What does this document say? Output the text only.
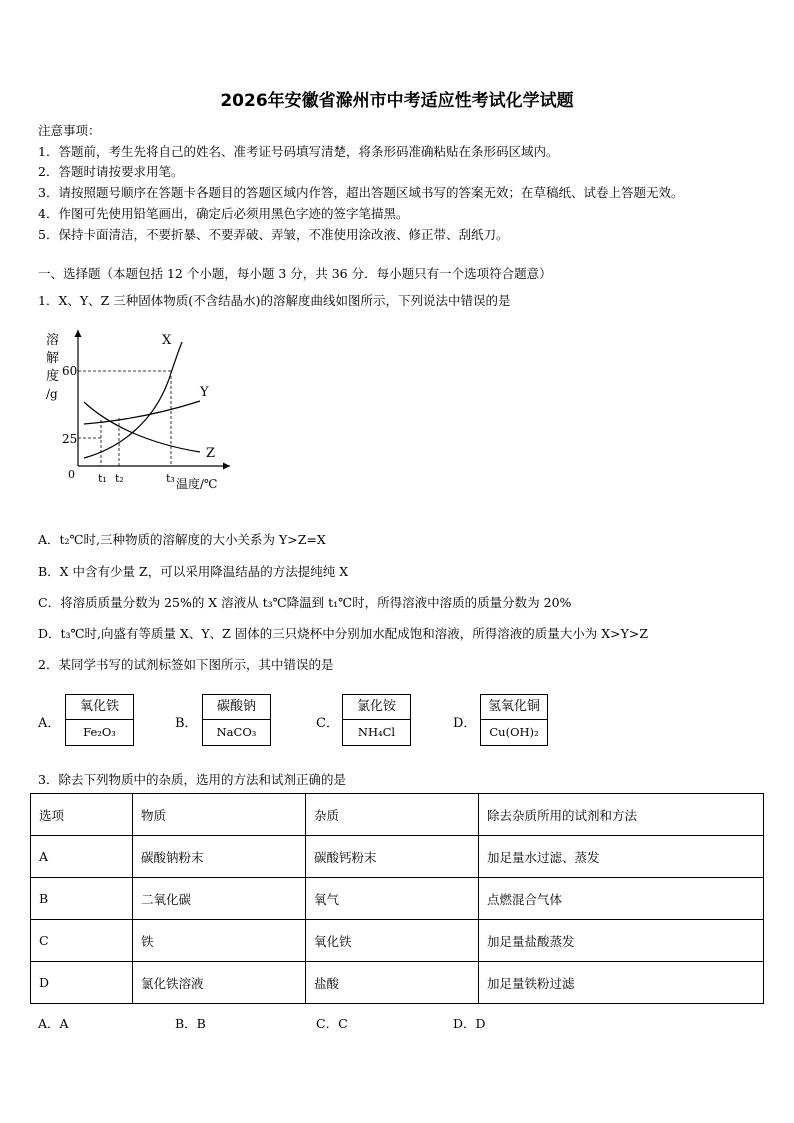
2026年安徽省滁州市中考适应性考试化学试题
注意事项：
1．答题前，考生先将自己的姓名、准考证号码填写清楚，将条形码准确粘贴在条形码区域内。
2．答题时请按要求用笔。
3．请按照题号顺序在答题卡各题目的答题区域内作答，超出答题区域书写的答案无效；在草稿纸、试卷上答题无效。
4．作图可先使用铅笔画出，确定后必须用黑色字迹的签字笔描黑。
5．保持卡面清洁，不要折暴、不要弄破、弄皱，不准使用涂改液、修正带、刮纸刀。
一、选择题（本题包括 12 个小题，每小题 3 分，共 36 分．每小题只有一个选项符合题意）
1．X、Y、Z 三种固体物质(不含结晶水)的溶解度曲线如图所示，下列说法中错误的是
溶
解
度
/g
60
25
0 t₁ t₂	t₃ 温度/℃
X
Y
Z
A．t₂℃时,三种物质的溶解度的大小关系为 Y>Z=X
B．X 中含有少量 Z，可以采用降温结晶的方法提纯纯 X
C．将溶质质量分数为 25%的 X 溶液从 t₃℃降温到 t₁℃时，所得溶液中溶质的质量分数为 20%
D．t₃℃时,向盛有等质量 X、Y、Z 固体的三只烧杯中分别加水配成饱和溶液，所得溶液的质量大小为 X>Y>Z
2．某同学书写的试剂标签如下图所示，其中错误的是
A．
氧化铁
Fe₂O₃
B．
碳酸钠
NaCO₃
C．
氯化铵
NH₄Cl
D．
氢氧化铜
Cu(OH)₂
3．除去下列物质中的杂质，选用的方法和试剂正确的是
选项	物质	杂质	除去杂质所用的试剂和方法
A	碳酸钠粉末	碳酸钙粉末	加足量水过滤、蒸发
B	二氧化碳	氧气	点燃混合气体
C	铁	氧化铁	加足量盐酸蒸发
D	氯化铁溶液	盐酸	加足量铁粉过滤
A．A	B．B	C．C	D．D
